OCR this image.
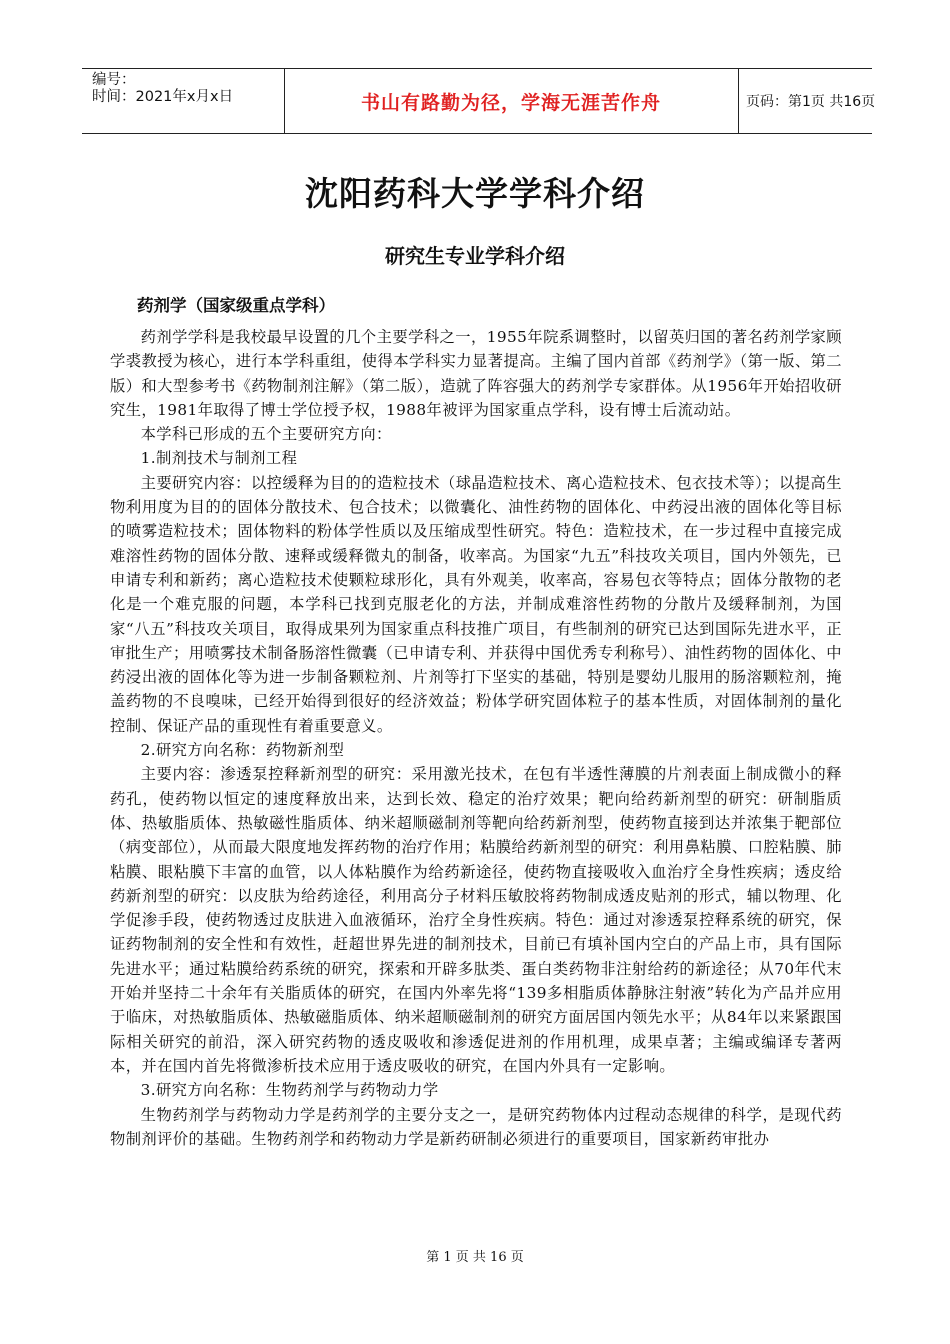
编号：
时间：2021年x月x日	书山有路勤为径，学海无涯苦作舟	页码：第1页 共16页
沈阳药科大学学科介绍
研究生专业学科介绍
药剂学（国家级重点学科）

药剂学学科是我校最早设置的几个主要学科之一，1955年院系调整时，以留英归国的著名药剂学家顾学裘教授为核心，进行本学科重组，使得本学科实力显著提高。主编了国内首部《药剂学》（第一版、第二版）和大型参考书《药物制剂注解》（第二版），造就了阵容强大的药剂学专家群体。从1956年开始招收研究生，1981年取得了博士学位授予权，1988年被评为国家重点学科，设有博士后流动站。

本学科已形成的五个主要研究方向：

1.制剂技术与制剂工程

主要研究内容：以控缓释为目的的造粒技术（球晶造粒技术、离心造粒技术、包衣技术等）；以提高生物利用度为目的的固体分散技术、包合技术；以微囊化、油性药物的固体化、中药浸出液的固体化等目标的喷雾造粒技术；固体物料的粉体学性质以及压缩成型性研究。特色：造粒技术，在一步过程中直接完成难溶性药物的固体分散、速释或缓释微丸的制备，收率高。为国家“九五”科技攻关项目，国内外领先，已申请专利和新药；离心造粒技术使颗粒球形化，具有外观美，收率高，容易包衣等特点；固体分散物的老化是一个难克服的问题，本学科已找到克服老化的方法，并制成难溶性药物的分散片及缓释制剂，为国家“八五”科技攻关项目，取得成果列为国家重点科技推广项目，有些制剂的研究已达到国际先进水平，正审批生产；用喷雾技术制备肠溶性微囊（已申请专利、并获得中国优秀专利称号）、油性药物的固体化、中药浸出液的固体化等为进一步制备颗粒剂、片剂等打下坚实的基础，特别是婴幼儿服用的肠溶颗粒剂，掩盖药物的不良嗅味，已经开始得到很好的经济效益；粉体学研究固体粒子的基本性质，对固体制剂的量化控制、保证产品的重现性有着重要意义。

2.研究方向名称：药物新剂型

主要内容：渗透泵控释新剂型的研究：采用激光技术，在包有半透性薄膜的片剂表面上制成微小的释药孔，使药物以恒定的速度释放出来，达到长效、稳定的治疗效果；靶向给药新剂型的研究：研制脂质体、热敏脂质体、热敏磁性脂质体、纳米超顺磁制剂等靶向给药新剂型，使药物直接到达并浓集于靶部位（病变部位），从而最大限度地发挥药物的治疗作用；粘膜给药新剂型的研究：利用鼻粘膜、口腔粘膜、肺粘膜、眼粘膜下丰富的血管，以人体粘膜作为给药新途径，使药物直接吸收入血治疗全身性疾病；透皮给药新剂型的研究：以皮肤为给药途径，利用高分子材料压敏胶将药物制成透皮贴剂的形式，辅以物理、化学促渗手段，使药物透过皮肤进入血液循环，治疗全身性疾病。特色：通过对渗透泵控释系统的研究，保证药物制剂的安全性和有效性，赶超世界先进的制剂技术，目前已有填补国内空白的产品上市，具有国际先进水平；通过粘膜给药系统的研究，探索和开辟多肽类、蛋白类药物非注射给药的新途径；从70年代末开始并坚持二十余年有关脂质体的研究，在国内外率先将“139多相脂质体静脉注射液”转化为产品并应用于临床，对热敏脂质体、热敏磁脂质体、纳米超顺磁制剂的研究方面居国内领先水平；从84年以来紧跟国际相关研究的前沿，深入研究药物的透皮吸收和渗透促进剂的作用机理，成果卓著；主编或编译专著两本，并在国内首先将微渗析技术应用于透皮吸收的研究，在国内外具有一定影响。

3.研究方向名称：生物药剂学与药物动力学

生物药剂学与药物动力学是药剂学的主要分支之一，是研究药物体内过程动态规律的科学，是现代药物制剂评价的基础。生物药剂学和药物动力学是新药研制必须进行的重要项目，国家新药审批办

第 1 页 共 16 页
